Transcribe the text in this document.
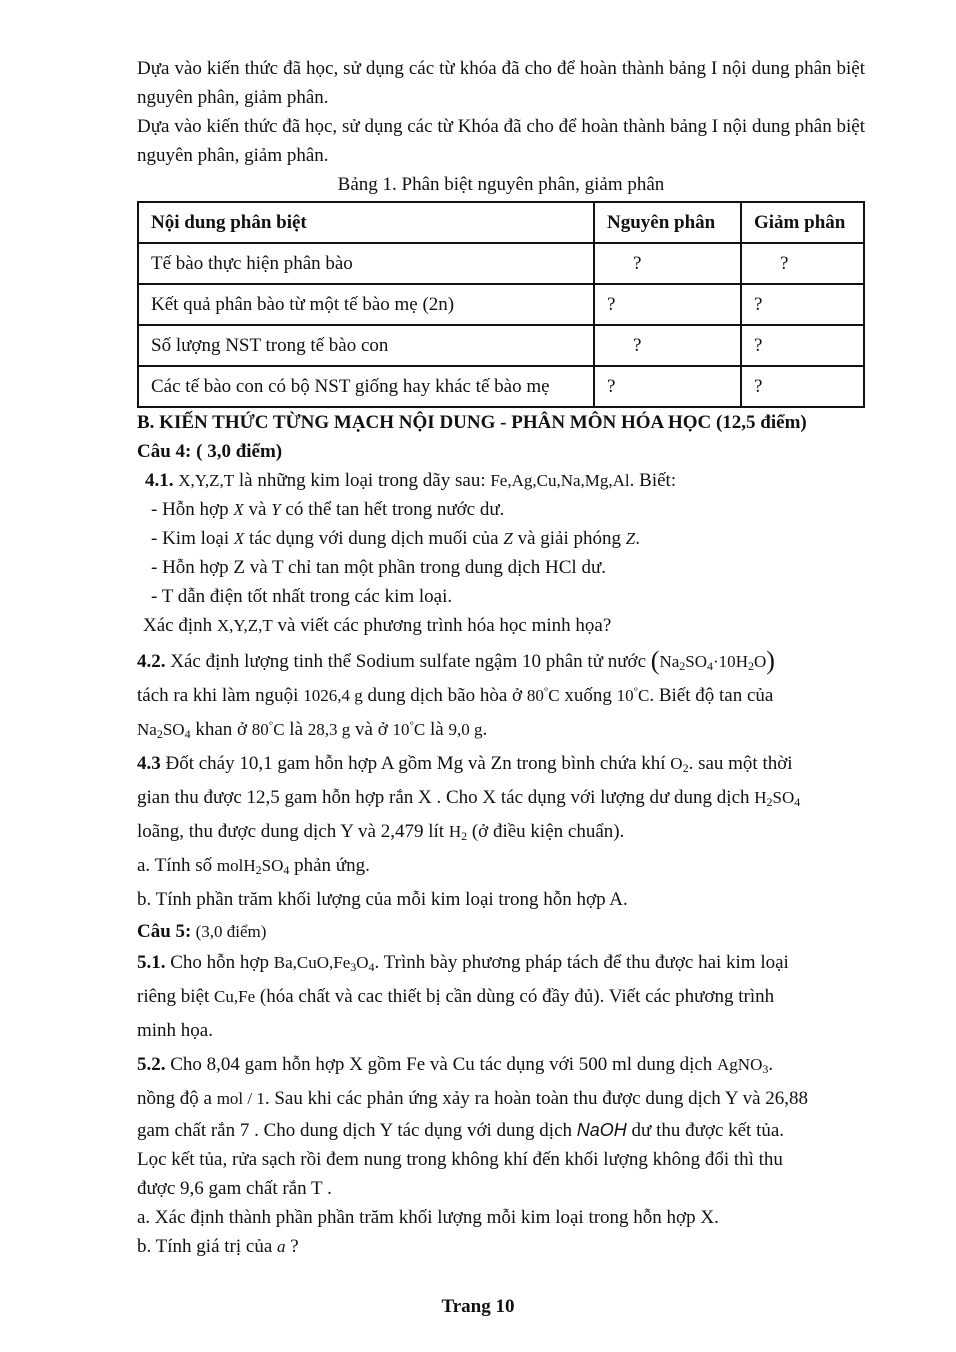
Dựa vào kiến thức đã học, sử dụng các từ khóa đã cho để hoàn thành bảng I nội dung phân biệt nguyên phân, giảm phân.

Dựa vào kiến thức đã học, sử dụng các từ Khóa đã cho để hoàn thành bảng I nội dung phân biệt nguyên phân, giảm phân.

Bảng 1. Phân biệt nguyên phân, giảm phân

Nội dung phân biệt	Nguyên phân	Giảm phân
Tế bào thực hiện phân bào	?	?
Kết quả phân bào từ một tế bào mẹ (2n)	?	?
Số lượng NST trong tế bào con	?	?
Các tế bào con có bộ NST giống hay khác tế bào mẹ	?	?

B. KIẾN THỨC TỪNG MẠCH NỘI DUNG - PHÂN MÔN HÓA HỌC (12,5 điểm)

Câu 4: ( 3,0 điểm)

4.1. X,Y,Z,T là những kim loại trong dãy sau: Fe,Ag,Cu,Na,Mg,Al. Biết:

- Hỗn hợp X và Y có thể tan hết trong nước dư.

- Kim loại X tác dụng với dung dịch muối của Z và giải phóng Z.

- Hỗn hợp Z và T chỉ tan một phần trong dung dịch HCl dư.

- T dẫn điện tốt nhất trong các kim loại.

Xác định X,Y,Z,T và viết các phương trình hóa học minh họa?

4.2. Xác định lượng tinh thể Sodium sulfate ngậm 10 phân tử nước $(Na_2SO_4\cdot 10H_2O)$

tách ra khi làm nguội 1026,4 g dung dịch bão hòa ở 80°C xuống 10°C. Biết độ tan của

$Na_2SO_4$ khan ở 80°C là 28,3 g và ở 10°C là 9,0 g.

4.3 Đốt cháy 10,1 gam hỗn hợp A gồm Mg và Zn trong bình chứa khí $O_2$. sau một thời

gian thu được 12,5 gam hỗn hợp rắn X . Cho X tác dụng với lượng dư dung dịch $H_2SO_4$

loãng, thu được dung dịch Y và 2,479 lít $H_2$ (ở điều kiện chuẩn).

a. Tính số $molH_2SO_4$ phản ứng.

b. Tính phần trăm khối lượng của mỗi kim loại trong hỗn hợp A.

Câu 5: (3,0 điểm)

5.1. Cho hỗn hợp $Ba,CuO,Fe_3O_4$. Trình bày phương pháp tách để thu được hai kim loại

riêng biệt Cu,Fe (hóa chất và cac thiết bị cần dùng có đầy đủ). Viết các phương trình

minh họa.

5.2. Cho 8,04 gam hỗn hợp X gồm Fe và Cu tác dụng với 500 ml dung dịch AgNO$_3$.

nồng độ a mol / 1. Sau khi các phản ứng xảy ra hoàn toàn thu được dung dịch Y và 26,88

gam chất rắn 7 . Cho dung dịch Y tác dụng với dung dịch NaOH dư thu được kết tủa.

Lọc kết tủa, rửa sạch rồi đem nung trong không khí đến khối lượng không đổi thì thu

được 9,6 gam chất rắn T .

a. Xác định thành phần phần trăm khối lượng mỗi kim loại trong hỗn hợp X.

b. Tính giá trị của a ?

Trang 10
